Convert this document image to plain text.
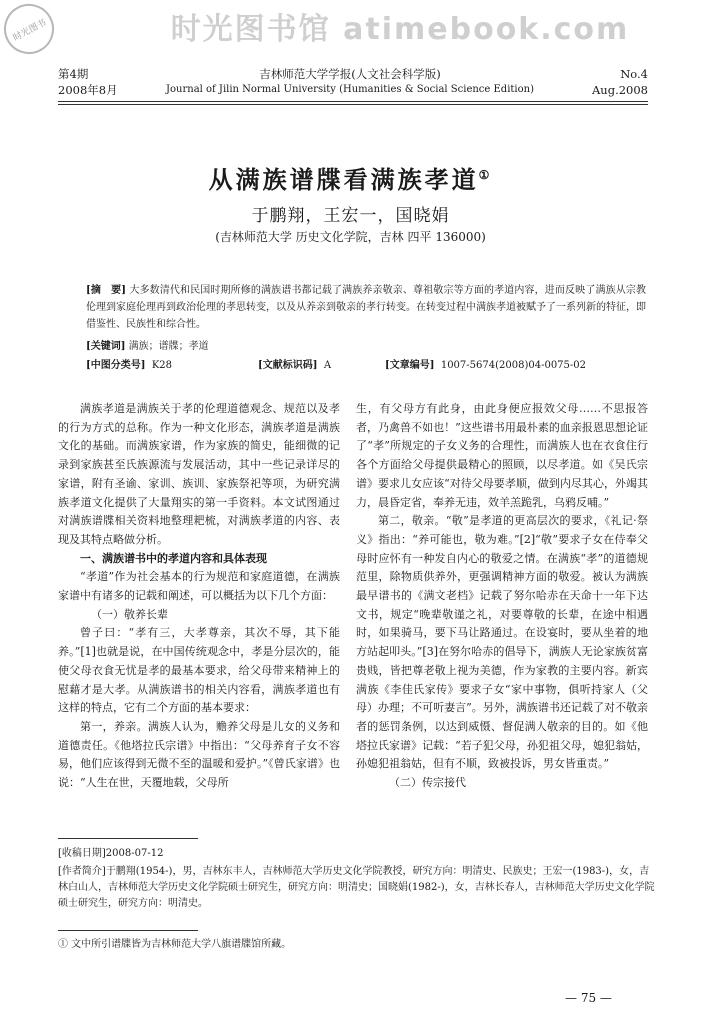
时光图书	时光图书馆 atimebook.com
第4期
2008年8月
吉林师范大学学报(人文社会科学版)
Journal of Jilin Normal University (Humanities & Social Science Edition)
No.4
Aug.2008
从满族谱牒看满族孝道①
于鹏翔，王宏一，国晓娟
(吉林师范大学 历史文化学院，吉林 四平 136000)
[摘　要] 大多数清代和民国时期所修的满族谱书都记载了满族养亲敬亲、尊祖敬宗等方面的孝道内容，进而反映了满族从宗教伦理到家庭伦理再到政治伦理的孝思转变，以及从养亲到敬亲的孝行转变。在转变过程中满族孝道被赋予了一系列新的特征，即借鉴性、民族性和综合性。
[关键词] 满族；谱牒；孝道
[中图分类号] K28	[文献标识码] A	[文章编号] 1007-5674(2008)04-0075-02

满族孝道是满族关于孝的伦理道德观念、规范以及孝的行为方式的总称。作为一种文化形态，满族孝道是满族文化的基础。而满族家谱，作为家族的简史，能细微的记录到家族甚至氏族源流与发展活动，其中一些记录详尽的家谱，附有圣谕、家训、族训、家族祭祀等项，为研究满族孝道文化提供了大量翔实的第一手资料。本文试图通过对满族谱牒相关资料地整理耙梳，对满族孝道的内容、表现及其特点略做分析。

一、满族谱书中的孝道内容和具体表现

“孝道”作为社会基本的行为规范和家庭道德，在满族家谱中有诸多的记载和阐述，可以概括为以下几个方面：

（一）敬养长辈

曾子曰：“孝有三，大孝尊亲，其次不辱，其下能养。”[1]也就是说，在中国传统观念中，孝是分层次的，能使父母衣食无忧是孝的最基本要求，给父母带来精神上的慰藉才是大孝。从满族谱书的相关内容看，满族孝道也有这样的特点，它有二个方面的基本要求：

第一，养亲。满族人认为，赡养父母是儿女的义务和道德责任。《他塔拉氏宗谱》中指出：“父母养育子女不容易，他们应该得到无微不至的温暖和爱护。”《曾氏家谱》也说：“人生在世，天覆地载，父母所

生，有父母方有此身，由此身便应报效父母……不思报答者，乃禽兽不如也！”这些谱书用最朴素的血亲报恩思想论证了“孝”所规定的子女义务的合理性，而满族人也在衣食住行各个方面给父母提供最精心的照顾，以尽孝道。如《吴氏宗谱》要求儿女应该“对待父母要孝顺，做到内尽其心，外竭其力，晨昏定省，奉养无违，效羊羔跪乳，乌鸦反哺。”

第二，敬亲。“敬”是孝道的更高层次的要求，《礼记·祭义》指出：“养可能也，敬为难。”[2]“敬”要求子女在侍奉父母时应怀有一种发自内心的敬爱之情。在满族“孝”的道德规范里，除物质供养外，更强调精神方面的敬爱。被认为满族最早谱书的《满文老档》记载了努尔哈赤在天命十一年下达文书，规定“晚辈敬谨之礼，对要尊敬的长辈，在途中相遇时，如果骑马，要下马让路通过。在设宴时，要从坐着的地方站起叩头。”[3]在努尔哈赤的倡导下，满族人无论家族贫富贵贱，皆把尊老敬上视为美德，作为家教的主要内容。新宾满族《李佳氏家传》要求子女“家中事物，俱听持家人（父母）办理；不可听妻言”。另外，满族谱书还记载了对不敬亲者的惩罚条例，以达到威慑、督促满人敬亲的目的。如《他塔拉氏家谱》记载：“若子犯父母，孙犯祖父母，媳犯翁姑，孙媳犯祖翁姑，但有不顺，致被投诉，男女皆重责。”

（二）传宗接代

[收稿日期]2008-07-12
[作者简介]于鹏翔(1954-)，男，吉林东丰人，吉林师范大学历史文化学院教授，研究方向：明清史、民族史；王宏一(1983-)，女，吉林白山人，吉林师范大学历史文化学院硕士研究生，研究方向：明清史；国晓娟(1982-)，女，吉林长春人，吉林师范大学历史文化学院硕士研究生，研究方向：明清史。
① 文中所引谱牒皆为吉林师范大学八旗谱牒馆所藏。
— 75 —
